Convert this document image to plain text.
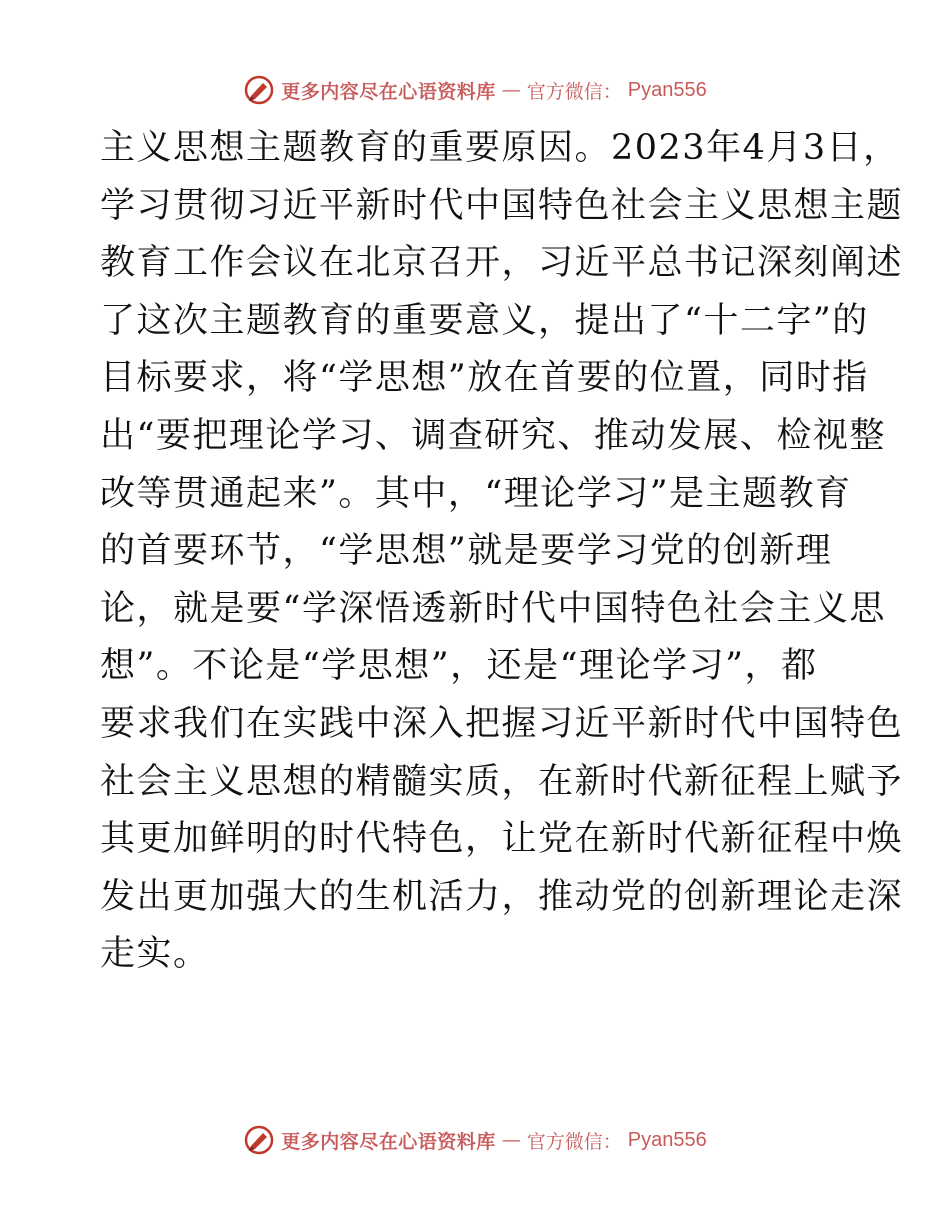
更多内容尽在心语资料库 — 官方微信： Pyan556
主义思想主题教育的重要原因。2023年4月3日，
学习贯彻习近平新时代中国特色社会主义思想主题
教育工作会议在北京召开，习近平总书记深刻阐述
了这次主题教育的重要意义，提出了“十二字”的
目标要求，将“学思想”放在首要的位置，同时指
出“要把理论学习、调查研究、推动发展、检视整
改等贯通起来”。其中，“理论学习”是主题教育
的首要环节，“学思想”就是要学习党的创新理
论，就是要“学深悟透新时代中国特色社会主义思
想”。不论是“学思想”，还是“理论学习”，都
要求我们在实践中深入把握习近平新时代中国特色
社会主义思想的精髓实质，在新时代新征程上赋予
其更加鲜明的时代特色，让党在新时代新征程中焕
发出更加强大的生机活力，推动党的创新理论走深
走实。
更多内容尽在心语资料库 — 官方微信： Pyan556
